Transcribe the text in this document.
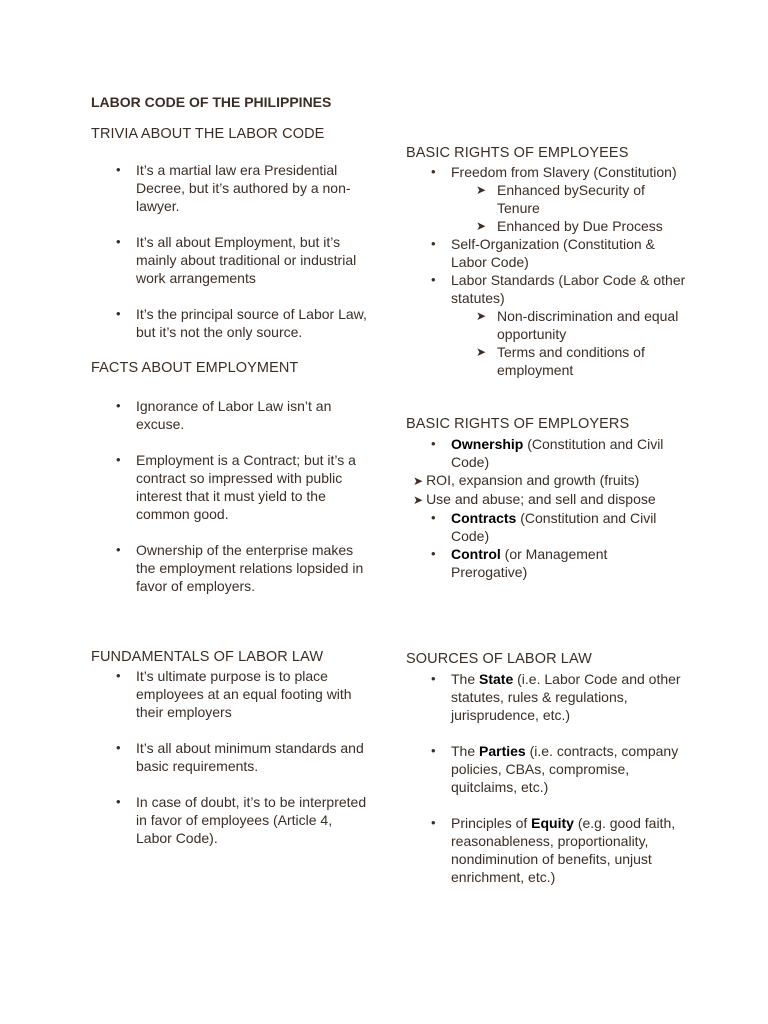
LABOR CODE OF THE PHILIPPINES
TRIVIA ABOUT THE LABOR CODE
• It’s a martial law era Presidential Decree, but it’s authored by a non-lawyer.
• It’s all about Employment, but it’s mainly about traditional or industrial work arrangements
• It’s the principal source of Labor Law, but it’s not the only source.
FACTS ABOUT EMPLOYMENT
• Ignorance of Labor Law isn’t an excuse.
• Employment is a Contract; but it’s a contract so impressed with public interest that it must yield to the common good.
• Ownership of the enterprise makes the employment relations lopsided in favor of employers.
FUNDAMENTALS OF LABOR LAW
• It’s ultimate purpose is to place employees at an equal footing with their employers
• It’s all about minimum standards and basic requirements.
• In case of doubt, it’s to be interpreted in favor of employees (Article 4, Labor Code).
BASIC RIGHTS OF EMPLOYEES
• Freedom from Slavery (Constitution)
➤ Enhanced bySecurity of Tenure
➤ Enhanced by Due Process
• Self-Organization (Constitution & Labor Code)
• Labor Standards (Labor Code & other statutes)
➤ Non-discrimination and equal opportunity
➤ Terms and conditions of employment
BASIC RIGHTS OF EMPLOYERS
• Ownership (Constitution and Civil Code)
➤ ROI, expansion and growth (fruits)
➤ Use and abuse; and sell and dispose
• Contracts (Constitution and Civil Code)
• Control (or Management Prerogative)
SOURCES OF LABOR LAW
• The State (i.e. Labor Code and other statutes, rules & regulations, jurisprudence, etc.)
• The Parties (i.e. contracts, company policies, CBAs, compromise, quitclaims, etc.)
• Principles of Equity (e.g. good faith, reasonableness, proportionality, nondiminution of benefits, unjust enrichment, etc.)
